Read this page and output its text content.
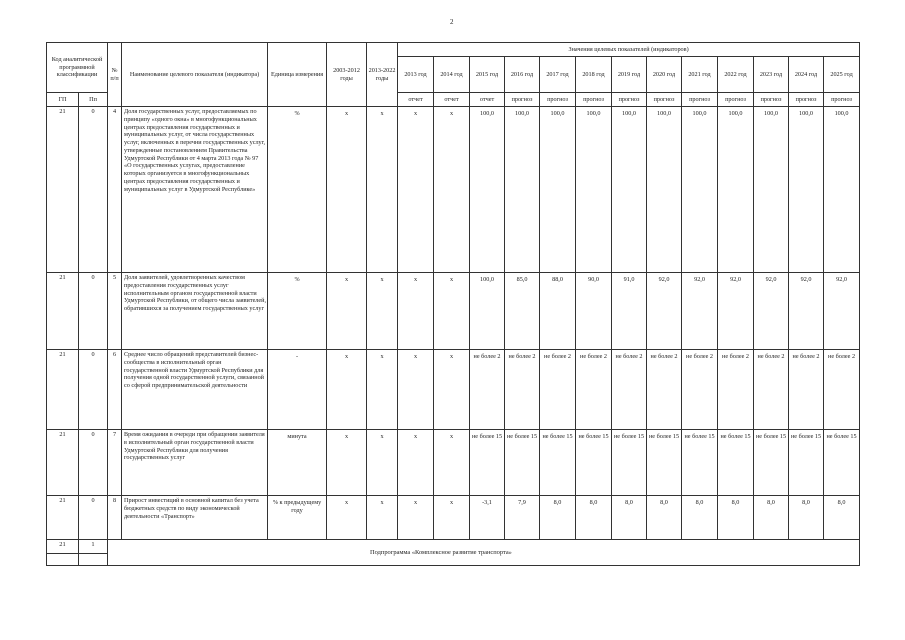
2
Код аналитической программной классификации		№ п/п	Наименование целевого показателя (индикатора)	Единица измерения	2003-2012 годы	2013-2022 годы	Значения целевых показателей (индикаторов)												
							2013 год	2014 год	2015 год	2016 год	2017 год	2018 год	2019 год	2020 год	2021 год	2022 год	2023 год	2024 год	2025 год
ГП	Пп						отчет	отчет	отчет	прогноз	прогноз	прогноз	прогноз	прогноз	прогноз	прогноз	прогноз	прогноз	прогноз
21	0	4	Доля государственных услуг, предоставляемых по принципу «одного окна» в многофункциональных центрах предоставления государственных и муниципальных услуг, от числа государственных услуг, включенных в перечни государственных услуг, утвержденные постановлением Правительства Удмуртской Республики от 4 марта 2013 года № 97 «О государственных услугах, предоставление которых организуется в многофункциональных центрах предоставления государственных и муниципальных услуг в Удмуртской Республике»	%	x	x	x	x	100,0	100,0	100,0	100,0	100,0	100,0	100,0	100,0	100,0	100,0	100,0
21	0	5	Доля заявителей, удовлетворенных качеством предоставления государственных услуг исполнительным органом государственной власти Удмуртской Республики, от общего числа заявителей, обратившихся за получением государственных услуг	%	x	x	x	x	100,0	85,0	88,0	90,0	91,0	92,0	92,0	92,0	92,0	92,0	92,0
21	0	6	Среднее число обращений представителей бизнес-сообщества в исполнительный орган государственной власти Удмуртской Республики для получения одной государственной услуги, связанной со сферой предпринимательской деятельности	-	x	x	x	x	не более 2	не более 2	не более 2	не более 2	не более 2	не более 2	не более 2	не более 2	не более 2	не более 2	не более 2
21	0	7	Время ожидания в очереди при обращении заявителя в исполнительный орган государственной власти Удмуртской Республики для получения государственных услуг	минута	x	x	x	x	не более 15	не более 15	не более 15	не более 15	не более 15	не более 15	не более 15	не более 15	не более 15	не более 15	не более 15
21	0	8	Прирост инвестиций в основной капитал без учета бюджетных средств по виду экономической деятельности «Транспорт»	% к предыдущему году	x	x	x	x	-3,1	7,9	8,0	8,0	8,0	8,0	8,0	8,0	8,0	8,0	8,0
21	1	Подпрограмма «Комплексное развитие транспорта»																	
